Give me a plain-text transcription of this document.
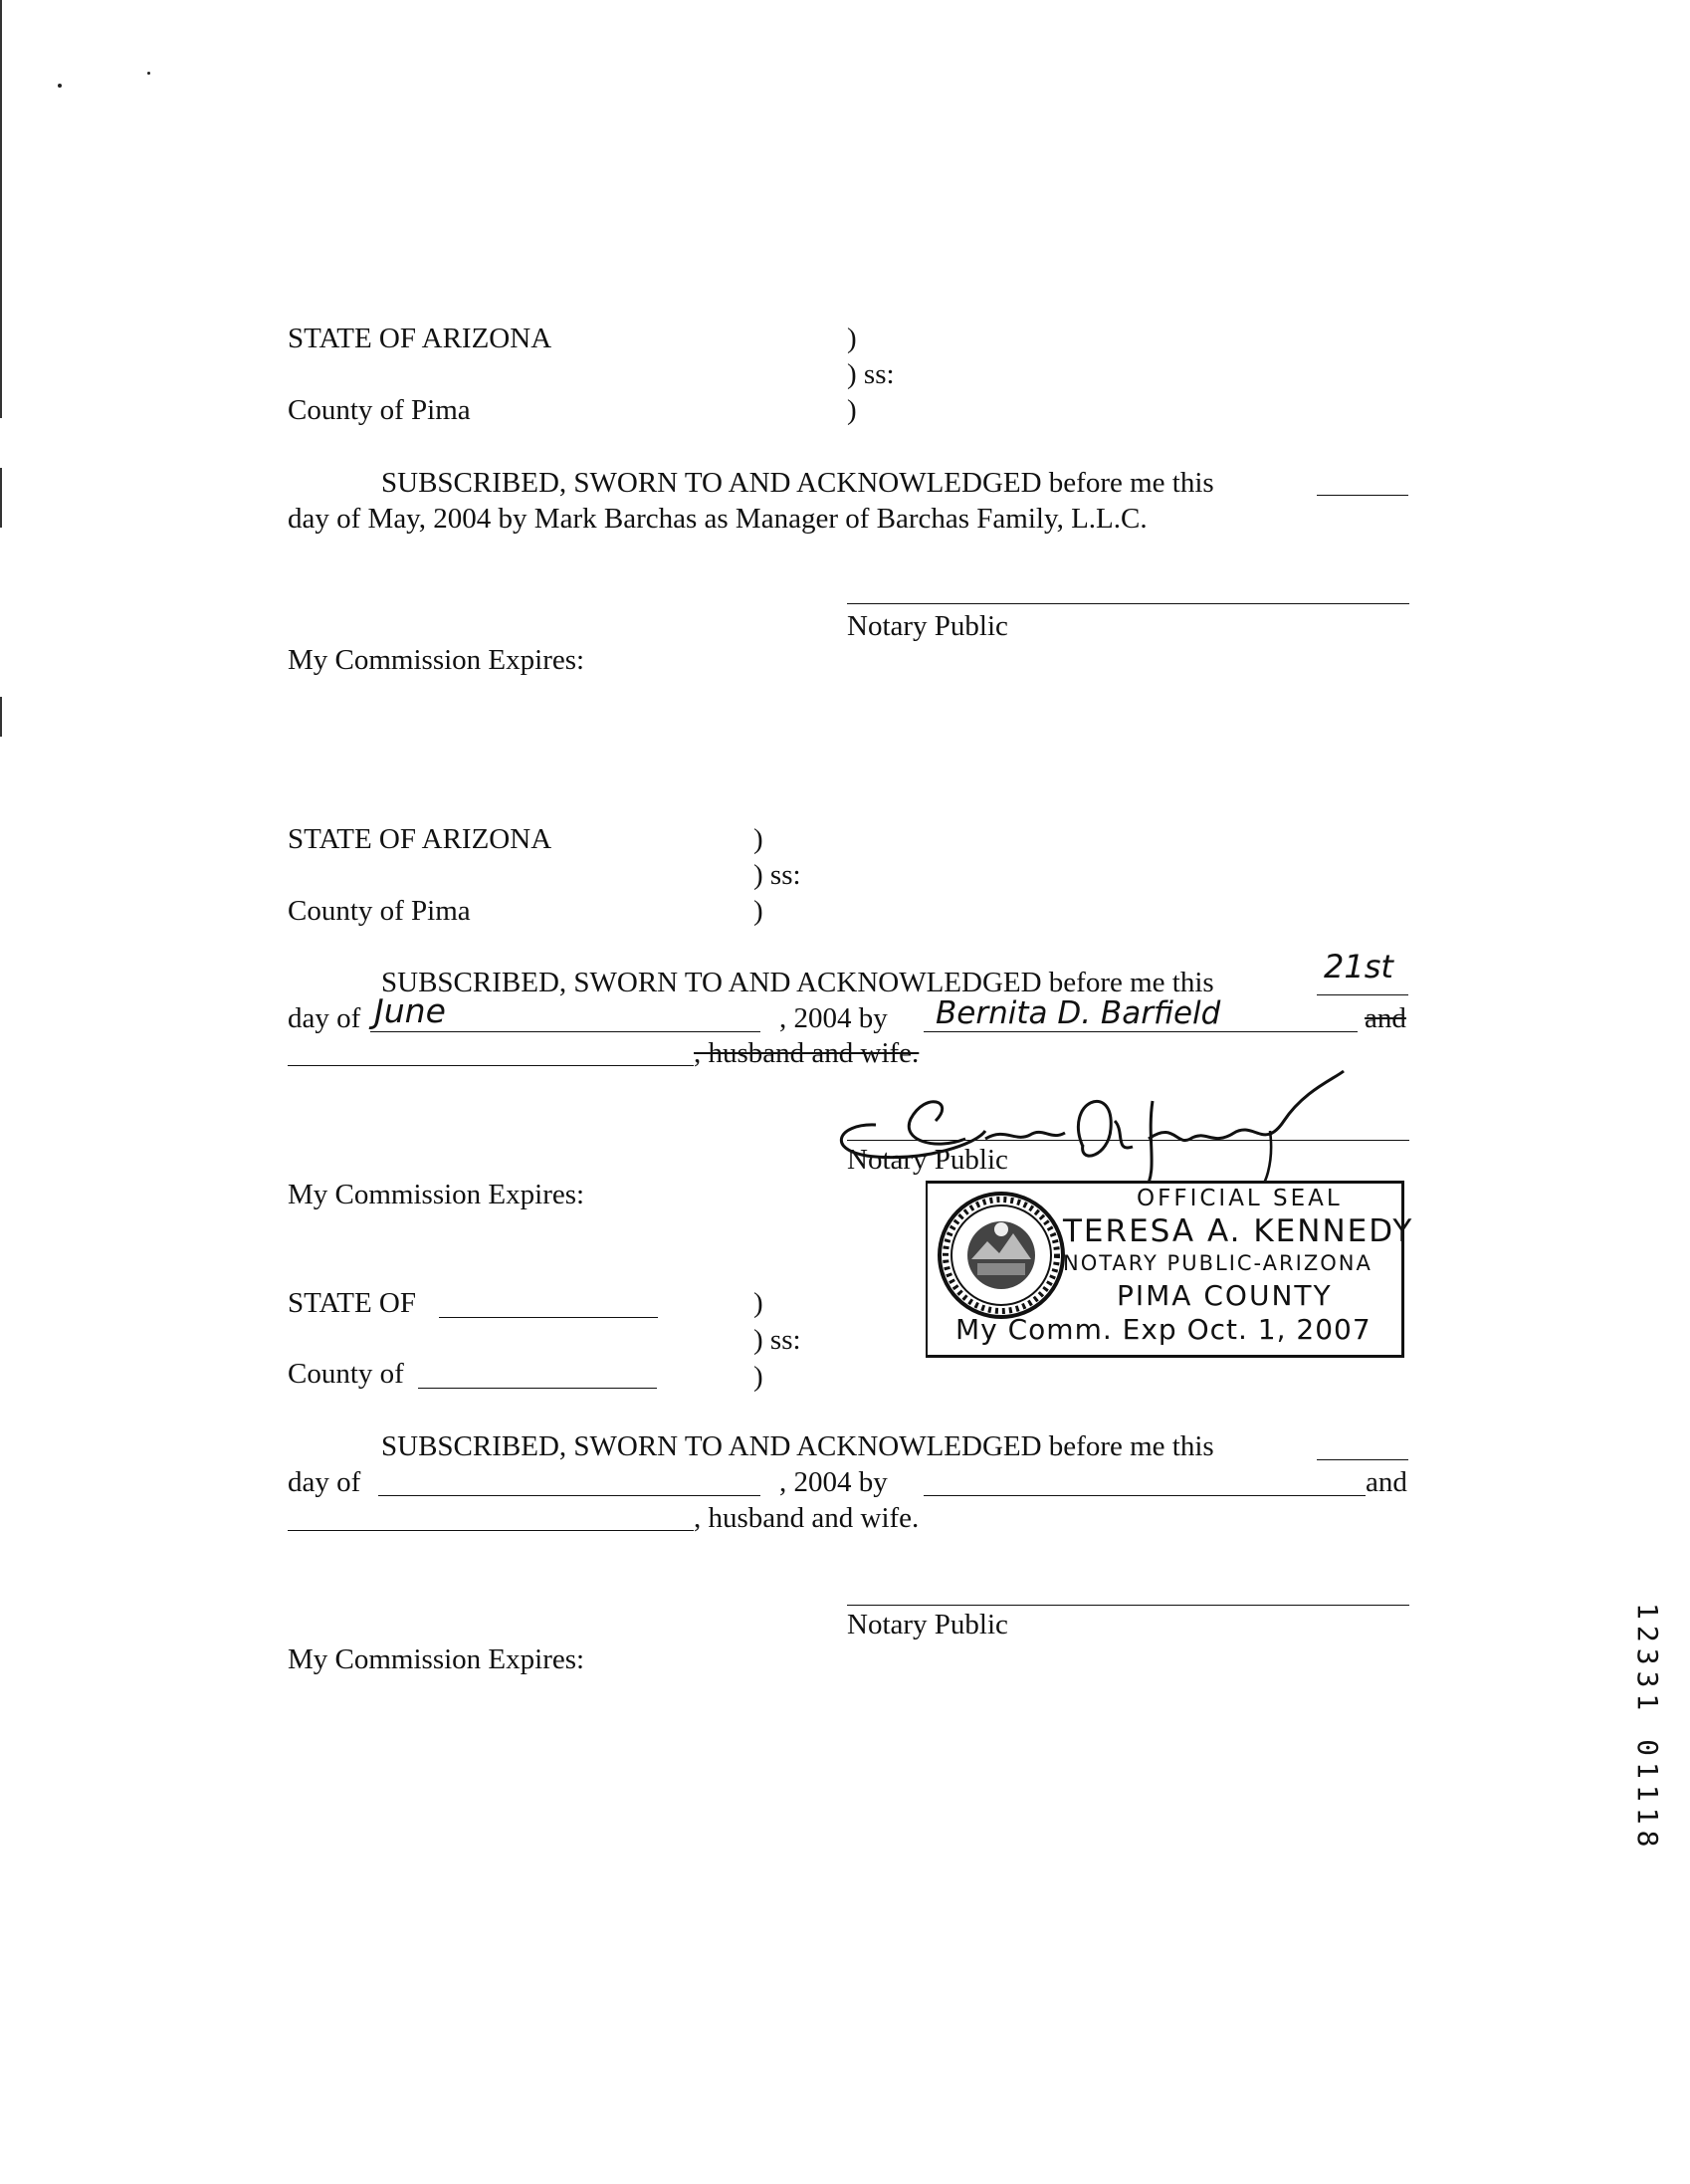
STATE OF ARIZONA	)
) ss:
County of Pima	)
SUBSCRIBED, SWORN TO AND ACKNOWLEDGED before me this
day of May, 2004 by Mark Barchas as Manager of Barchas Family, L.L.C.
Notary Public
My Commission Expires:
STATE OF ARIZONA	)
) ss:
County of Pima	)
SUBSCRIBED, SWORN TO AND ACKNOWLEDGED before me this	21st
day of June	, 2004 by Bernita D. Barfield	and
, husband and wife.
Notary Public
My Commission Expires:	OFFICIAL SEAL
TERESA A. KENNEDY
NOTARY PUBLIC-ARIZONA
PIMA COUNTY
My Comm. Exp Oct. 1, 2007
STATE OF	)
) ss:
County of	)
SUBSCRIBED, SWORN TO AND ACKNOWLEDGED before me this
day of	, 2004 by	and
, husband and wife.
Notary Public
My Commission Expires:	12331 01118
